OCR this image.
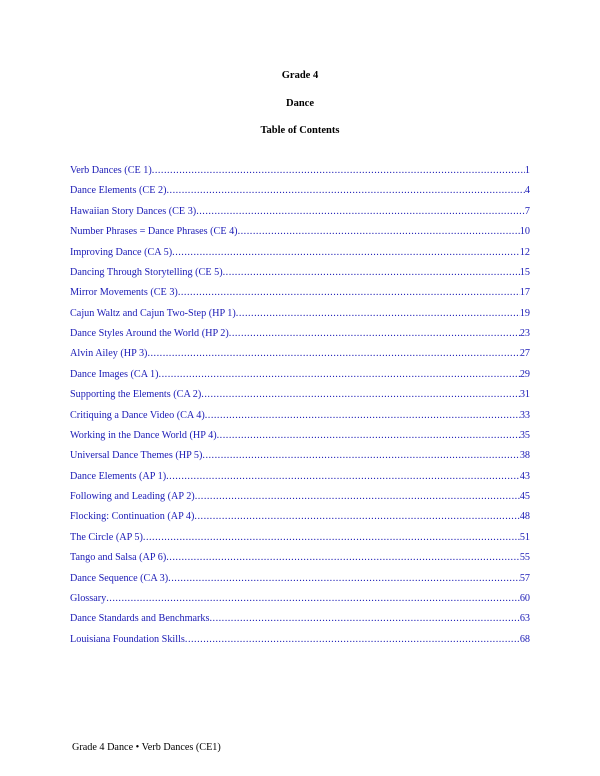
Grade 4
Dance
Table of Contents
Verb Dances (CE 1) .....	1
Dance Elements (CE 2) .....	4
Hawaiian Story Dances (CE 3) .....	7
Number Phrases = Dance Phrases (CE 4) .....	10
Improving Dance (CA 5) .....	12
Dancing Through Storytelling (CE 5) .....	15
Mirror Movements (CE 3) .....	17
Cajun Waltz and Cajun Two-Step (HP 1) .....	19
Dance Styles Around the World (HP 2) .....	23
Alvin Ailey (HP 3) .....	27
Dance Images (CA 1) .....	29
Supporting the Elements (CA 2) .....	31
Critiquing a Dance Video (CA 4) .....	33
Working in the Dance World (HP 4) .....	35
Universal Dance Themes (HP 5) .....	38
Dance Elements (AP 1) .....	43
Following and Leading (AP 2) .....	45
Flocking: Continuation (AP 4) .....	48
The Circle (AP 5) .....	51
Tango and Salsa (AP 6) .....	55
Dance Sequence (CA 3) .....	57
Glossary .....	60
Dance Standards and Benchmarks .....	63
Louisiana Foundation Skills .....	68
Grade 4 Dance • Verb Dances (CE1)
